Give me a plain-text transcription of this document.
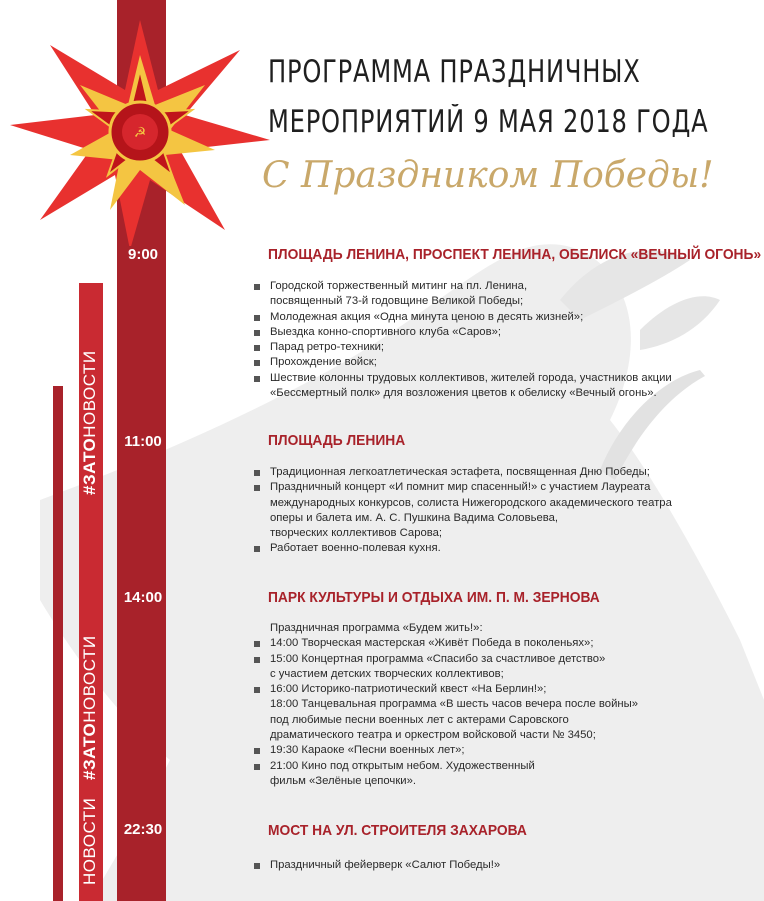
#ЗАТОНОВОСТИ
#ЗАТОНОВОСТИ
НОВОСТИ
☭
ПРОГРАММА ПРАЗДНИЧНЫХ
МЕРОПРИЯТИЙ 9 МАЯ 2018 ГОДА
С Праздником Победы!
9:00
11:00
14:00
22:30
ПЛОЩАДЬ ЛЕНИНА, ПРОСПЕКТ ЛЕНИНА, ОБЕЛИСК «ВЕЧНЫЙ ОГОНЬ»
Городской торжественный митинг на пл. Ленина,
посвященный 73-й годовщине Великой Победы;
Молодежная акция «Одна минута ценою в десять жизней»;
Выездка конно-спортивного клуба «Саров»;
Парад ретро-техники;
Прохождение войск;
Шествие колонны трудовых коллективов, жителей города, участников акции
«Бессмертный полк» для возложения цветов к обелиску «Вечный огонь».
ПЛОЩАДЬ ЛЕНИНА
Традиционная легкоатлетическая эстафета, посвященная Дню Победы;
Праздничный концерт «И помнит мир спасенный!» с участием Лауреата
международных конкурсов, солиста Нижегородского академического театра
оперы и балета им. А. С. Пушкина Вадима Соловьева,
творческих коллективов Сарова;
Работает военно-полевая кухня.
ПАРК КУЛЬТУРЫ И ОТДЫХА ИМ. П. М. ЗЕРНОВА
Праздничная программа «Будем жить!»:
14:00 Творческая мастерская «Живёт Победа в поколеньях»;
15:00 Концертная программа «Спасибо за счастливое детство»
с участием детских творческих коллективов;
16:00 Историко-патриотический квест «На Берлин!»;
18:00 Танцевальная программа «В шесть часов вечера после войны»
под любимые песни военных лет с актерами Саровского
драматического театра и оркестром войсковой части № 3450;
19:30 Караоке «Песни военных лет»;
21:00 Кино под открытым небом. Художественный
фильм «Зелёные цепочки».
МОСТ НА УЛ. СТРОИТЕЛЯ ЗАХАРОВА
Праздничный фейерверк «Салют Победы!»
